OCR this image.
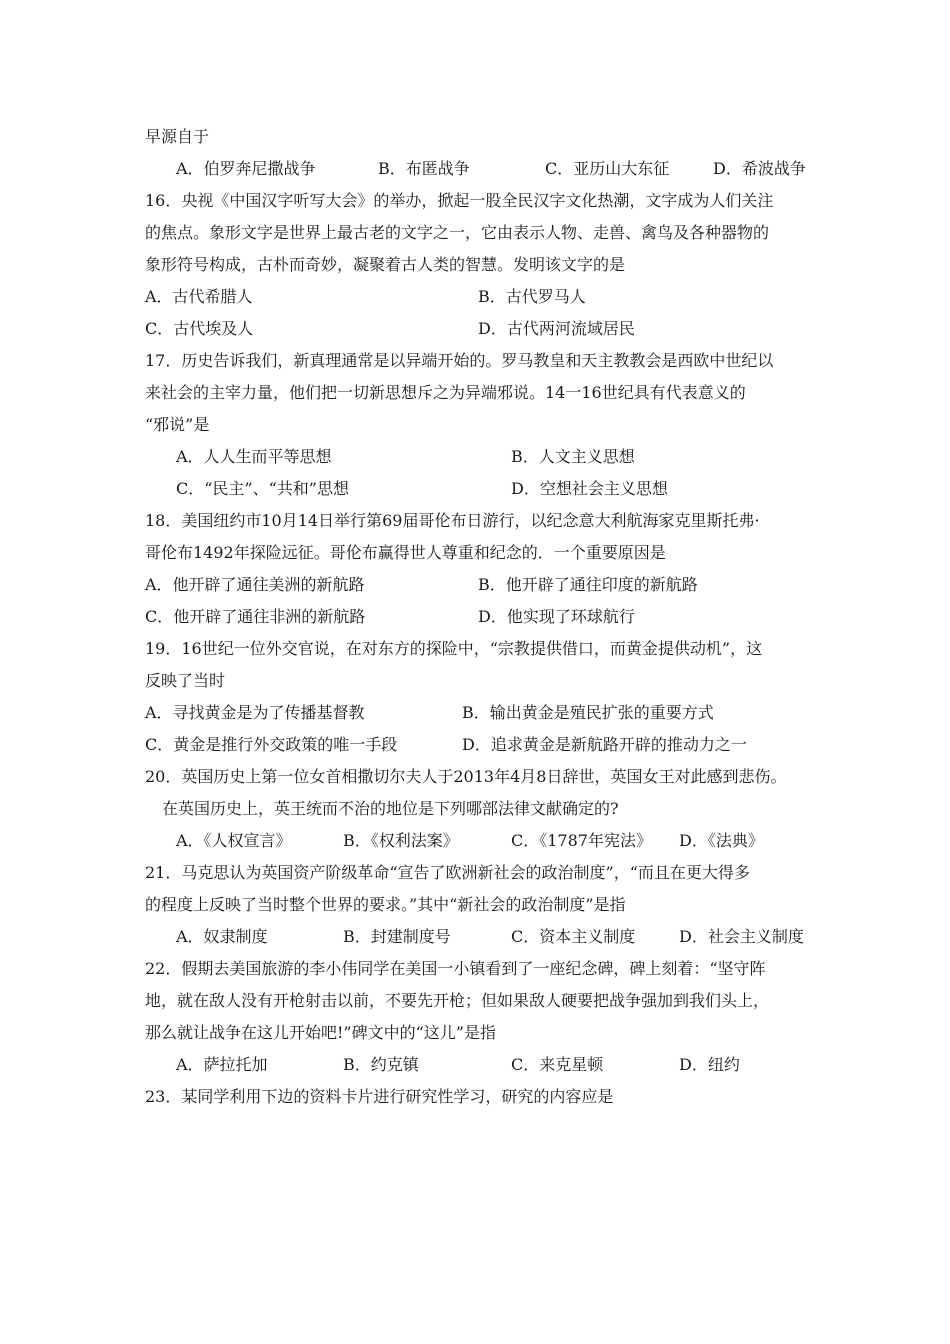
早源自于
A．伯罗奔尼撒战争	B．布匿战争	C．亚历山大东征	D．希波战争
16．央视《中国汉字听写大会》的举办，掀起一股全民汉字文化热潮，文字成为人们关注
的焦点。象形文字是世界上最古老的文字之一，它由表示人物、走兽、禽鸟及各种器物的
象形符号构成，古朴而奇妙，凝聚着古人类的智慧。发明该文字的是
A．古代希腊人	B．古代罗马人
C．古代埃及人	D．古代两河流域居民
17．历史告诉我们，新真理通常是以异端开始的。罗马教皇和天主教教会是西欧中世纪以
来社会的主宰力量，他们把一切新思想斥之为异端邪说。14一16世纪具有代表意义的
“邪说”是
A．人人生而平等思想	B．人文主义思想
C．“民主”、“共和”思想	D．空想社会主义思想
18．美国纽约市10月14日举行第69届哥伦布日游行，以纪念意大利航海家克里斯托弗·
哥伦布1492年探险远征。哥伦布赢得世人尊重和纪念的．一个重要原因是
A．他开辟了通往美洲的新航路	B．他开辟了通往印度的新航路
C．他开辟了通往非洲的新航路	D．他实现了环球航行
19．16世纪一位外交官说，在对东方的探险中，“宗教提供借口，而黄金提供动机”，这
反映了当时
A．寻找黄金是为了传播基督教	B．输出黄金是殖民扩张的重要方式
C．黄金是推行外交政策的唯一手段	D．追求黄金是新航路开辟的推动力之一
20．英国历史上第一位女首相撒切尔夫人于2013年4月8日辞世，英国女王对此感到悲伤。
在英国历史上，英王统而不治的地位是下列哪部法律文献确定的?
A．《人权宣言》	B．《权利法案》	C．《1787年宪法》 D．《法典》
21．马克思认为英国资产阶级革命“宣告了欧洲新社会的政治制度”，“而且在更大得多
的程度上反映了当时整个世界的要求。”其中“新社会的政治制度”是指
A．奴隶制度	B．封建制度号	C．资本主义制度	D．社会主义制度
22．假期去美国旅游的李小伟同学在美国一小镇看到了一座纪念碑，碑上刻着：“坚守阵
地，就在敌人没有开枪射击以前，不要先开枪；但如果敌人硬要把战争强加到我们头上，
那么就让战争在这儿开始吧!”碑文中的“这儿”是指
A．萨拉托加	B．约克镇	C．来克星顿	D．纽约
23．某同学利用下边的资料卡片进行研究性学习，研究的内容应是
